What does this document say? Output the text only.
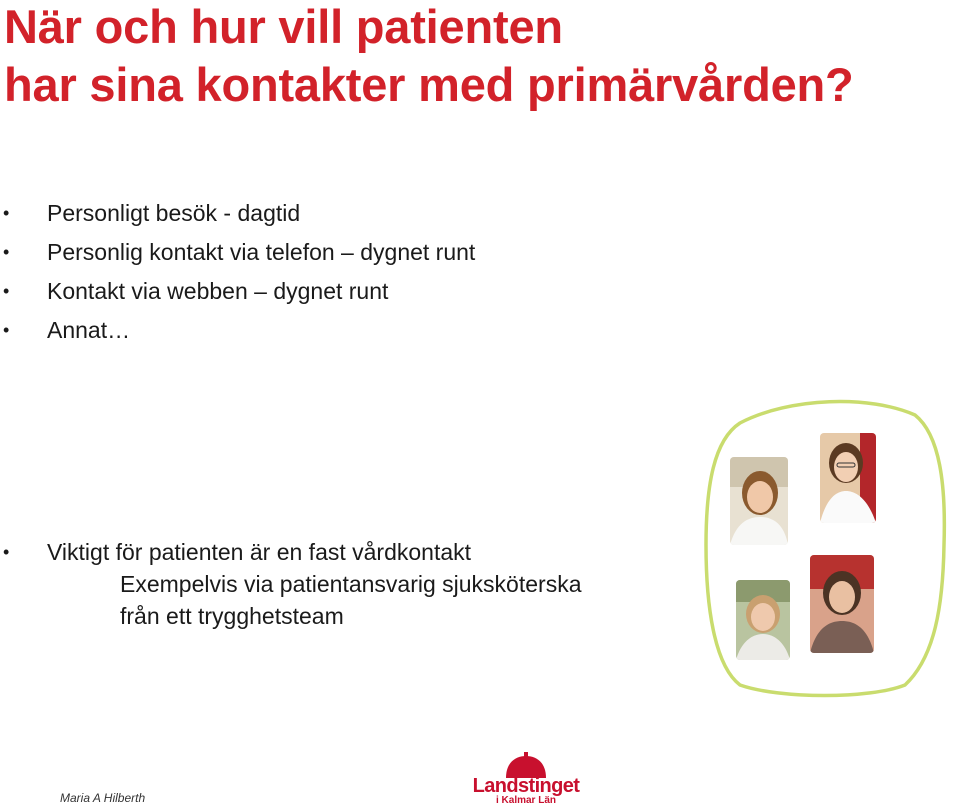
När och hur vill patienten
har sina kontakter med primärvården?
• Personligt besök - dagtid
• Personlig kontakt via telefon – dygnet runt
• Kontakt via webben – dygnet runt
• Annat…
• Viktigt för patienten är en fast vårdkontakt
Exempelvis via patientansvarig sjuksköterska
från ett trygghetsteam
Maria A Hilberth
Landstinget
i Kalmar Län
